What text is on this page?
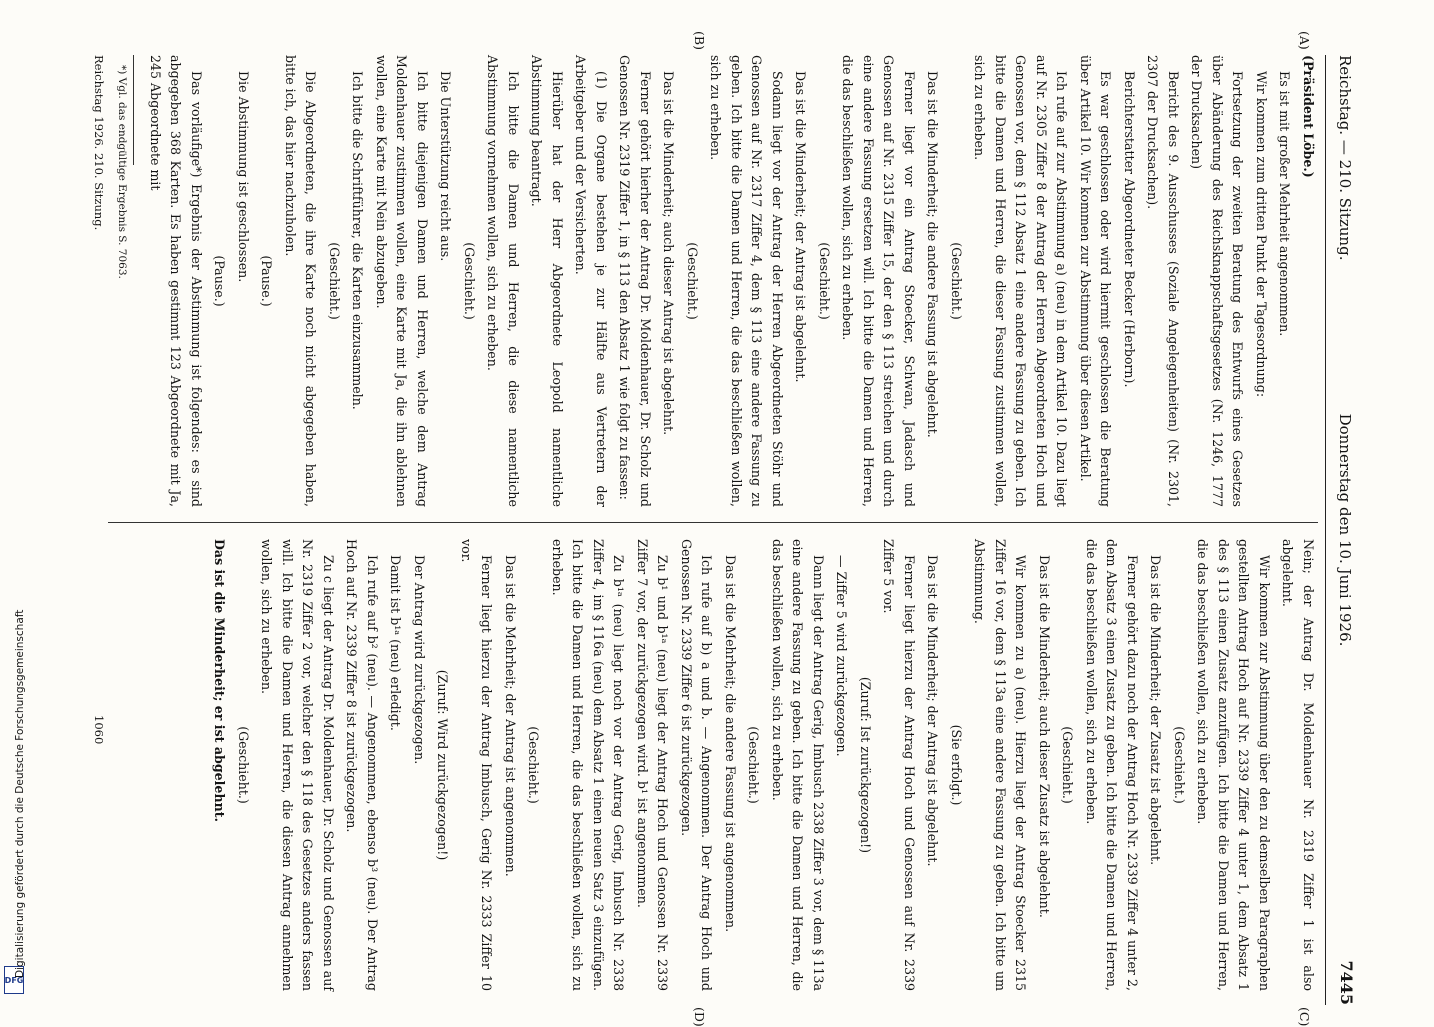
Reichstag. — 210. Sitzung.
Donnerstag den 10. Juni 1926.
7445
(A)
(B)
(C)
(D)

(Präsident Löbe.)

Es ist mit großer Mehrheit angenommen.

Wir kommen zum dritten Punkt der Tagesordnung:

Fortsetzung der zweiten Beratung des Entwurfs eines Gesetzes über Abänderung des Reichsknappschaftsgesetzes (Nr. 1246, 1777 der Drucksachen)

Bericht des 9. Ausschusses (Soziale Angelegenheiten) (Nr. 2301, 2307 der Drucksachen).

Berichterstatter Abgeordneter Becker (Herborn).

Es war geschlossen oder wird hiermit geschlossen die Beratung über Artikel 10. Wir kommen zur Abstimmung über diesen Artikel.

Ich rufe auf zur Abstimmung a) (neu) in dem Artikel 10. Dazu liegt auf Nr. 2305 Ziffer 8 der Antrag der Herren Abgeordneten Hoch und Genossen vor, dem § 112 Absatz 1 eine andere Fassung zu geben. Ich bitte die Damen und Herren, die dieser Fassung zustimmen wollen, sich zu erheben.

(Geschieht.)

Das ist die Minderheit; die andere Fassung ist abgelehnt.

Ferner liegt vor ein Antrag Stoecker, Schwan, Jadasch und Genossen auf Nr. 2315 Ziffer 15, der den § 113 streichen und durch eine andere Fassung ersetzen will. Ich bitte die Damen und Herren, die das beschließen wollen, sich zu erheben.

(Geschieht.)

Das ist die Minderheit; der Antrag ist abgelehnt.

Sodann liegt vor der Antrag der Herren Abgeordneten Stöhr und Genossen auf Nr. 2317 Ziffer 4, dem § 113 eine andere Fassung zu geben. Ich bitte die Damen und Herren, die das beschließen wollen, sich zu erheben.

(Geschieht.)

Das ist die Minderheit; auch dieser Antrag ist abgelehnt.

Ferner gehört hierher der Antrag Dr. Moldenhauer, Dr. Scholz und Genossen Nr. 2319 Ziffer 1, in § 113 den Absatz 1 wie folgt zu fassen:

(1) Die Organe bestehen je zur Hälfte aus Vertretern der Arbeitgeber und der Versicherten.

Hierüber hat der Herr Abgeordnete Leopold namentliche Abstimmung beantragt.

Ich bitte die Damen und Herren, die diese namentliche Abstimmung vornehmen wollen, sich zu erheben.

(Geschieht.)

Die Unterstützung reicht aus.

Ich bitte diejenigen Damen und Herren, welche dem Antrag Moldenhauer zustimmen wollen, eine Karte mit Ja, die ihn ablehnen wollen, eine Karte mit Nein abzugeben.

Ich bitte die Schriftführer, die Karten einzusammeln.

(Geschieht.)

Die Abgeordneten, die ihre Karte noch nicht abgegeben haben, bitte ich, das hier nachzuholen.

(Pause.)

Die Abstimmung ist geschlossen.

(Pause.)

Das vorläufige*) Ergebnis der Abstimmung ist folgendes: es sind abgegeben 368 Karten. Es haben gestimmt 123 Abgeordnete mit Ja, 245 Abgeordnete mit

*) Vgl. das endgültige Ergebnis S. 7063.

Nein; der Antrag Dr. Moldenhauer Nr. 2319 Ziffer 1 ist also abgelehnt.

Wir kommen zur Abstimmung über den zu demselben Paragraphen gestellten Antrag Hoch auf Nr. 2339 Ziffer 4 unter 1, dem Absatz 1 des § 113 einen Zusatz anzufügen. Ich bitte die Damen und Herren, die das beschließen wollen, sich zu erheben.

(Geschieht.)

Das ist die Minderheit; der Zusatz ist abgelehnt.

Ferner gehört dazu noch der Antrag Hoch Nr. 2339 Ziffer 4 unter 2, dem Absatz 3 einen Zusatz zu geben. Ich bitte die Damen und Herren, die das beschließen wollen, sich zu erheben.

(Geschieht.)

Das ist die Minderheit; auch dieser Zusatz ist abgelehnt.

Wir kommen zu a) (neu). Hierzu liegt der Antrag Stoecker 2315 Ziffer 16 vor, dem § 113a eine andere Fassung zu geben. Ich bitte um Abstimmung.

(Sie erfolgt.)

Das ist die Minderheit; der Antrag ist abgelehnt.

Ferner liegt hierzu der Antrag Hoch und Genossen auf Nr. 2339 Ziffer 5 vor.

(Zuruf: Ist zurückgezogen!)

— Ziffer 5 wird zurückgezogen.

Dann liegt der Antrag Gerig, Imbusch 2338 Ziffer 3 vor, dem § 113a eine andere Fassung zu geben. Ich bitte die Damen und Herren, die das beschließen wollen, sich zu erheben.

(Geschieht.)

Das ist die Mehrheit; die andere Fassung ist angenommen.

Ich rufe auf b) a und b. — Angenommen. Der Antrag Hoch und Genossen Nr. 2339 Ziffer 6 ist zurückgezogen.

Zu b¹ und b¹ᵃ (neu) liegt der Antrag Hoch und Genossen Nr. 2339 Ziffer 7 vor, der zurückgezogen wird. b¹ ist angenommen.

Zu b¹ᵃ (neu) liegt noch vor der Antrag Gerig, Imbusch Nr. 2338 Ziffer 4, im § 116a (neu) dem Absatz 1 einen neuen Satz 3 einzufügen. Ich bitte die Damen und Herren, die das beschließen wollen, sich zu erheben.

(Geschieht.)

Das ist die Mehrheit; der Antrag ist angenommen.

Ferner liegt hierzu der Antrag Imbusch, Gerig Nr. 2333 Ziffer 10 vor.

(Zuruf: Wird zurückgezogen!)

Der Antrag wird zurückgezogen.

Damit ist b¹ᵃ (neu) erledigt.

Ich rufe auf b² (neu). — Angenommen, ebenso b³ (neu). Der Antrag Hoch auf Nr. 2339 Ziffer 8 ist zurückgezogen.

Zu c liegt der Antrag Dr. Moldenhauer, Dr. Scholz und Genossen auf Nr. 2319 Ziffer 2 vor, welcher den § 118 des Gesetzes anders fassen will. Ich bitte die Damen und Herren, die diesen Antrag annehmen wollen, sich zu erheben.

(Geschieht.)

Das ist die Minderheit; er ist abgelehnt.

Reichstag 1926. 210. Sitzung.
1060
DFG
Digitalisierung gefördert durch die Deutsche Forschungsgemeinschaft
